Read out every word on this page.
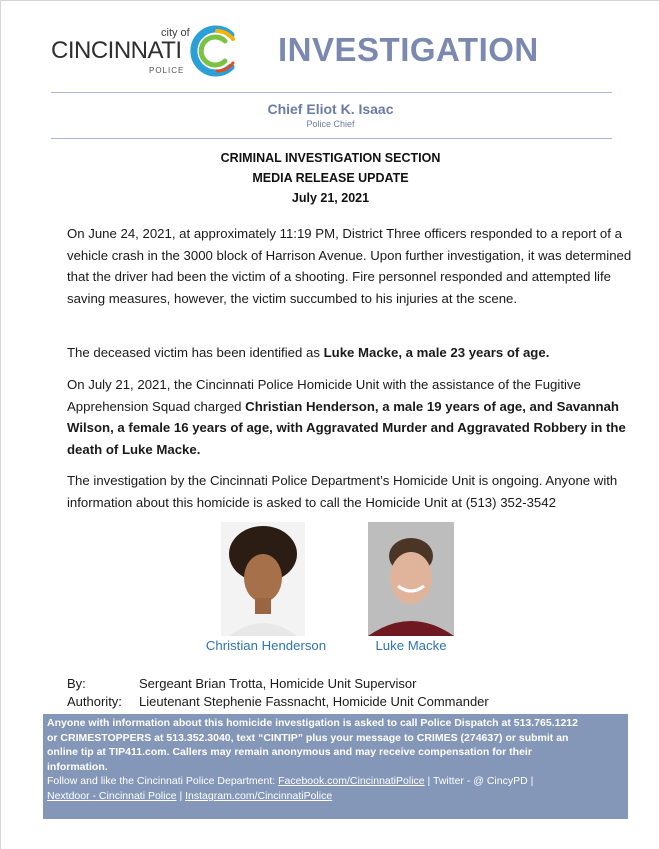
city of
CINCINNATI
POLICE
INVESTIGATION
Chief Eliot K. Isaac
Police Chief
CRIMINAL INVESTIGATION SECTION
MEDIA RELEASE UPDATE
July 21, 2021
On June 24, 2021, at approximately 11:19 PM, District Three officers responded to a report of a vehicle crash in the 3000 block of Harrison Avenue. Upon further investigation, it was determined that the driver had been the victim of a shooting. Fire personnel responded and attempted life saving measures, however, the victim succumbed to his injuries at the scene.
The deceased victim has been identified as Luke Macke, a male 23 years of age.
On July 21, 2021, the Cincinnati Police Homicide Unit with the assistance of the Fugitive Apprehension Squad charged Christian Henderson, a male 19 years of age, and Savannah Wilson, a female 16 years of age, with Aggravated Murder and Aggravated Robbery in the death of Luke Macke.
The investigation by the Cincinnati Police Department’s Homicide Unit is ongoing. Anyone with information about this homicide is asked to call the Homicide Unit at (513) 352-3542
Christian Henderson	Luke Macke
By:	Sergeant Brian Trotta, Homicide Unit Supervisor
Authority: Lieutenant Stephenie Fassnacht, Homicide Unit Commander
Anyone with information about this homicide investigation is asked to call Police Dispatch at 513.765.1212
or CRIMESTOPPERS at 513.352.3040, text “CINTIP” plus your message to CRIMES (274637) or submit an
online tip at TIP411.com. Callers may remain anonymous and may receive compensation for their
information.
Follow and like the Cincinnati Police Department: Facebook.com/CincinnatiPolice | Twitter - @ CincyPD |
Nextdoor - Cincinnati Police | Instagram.com/CincinnatiPolice
